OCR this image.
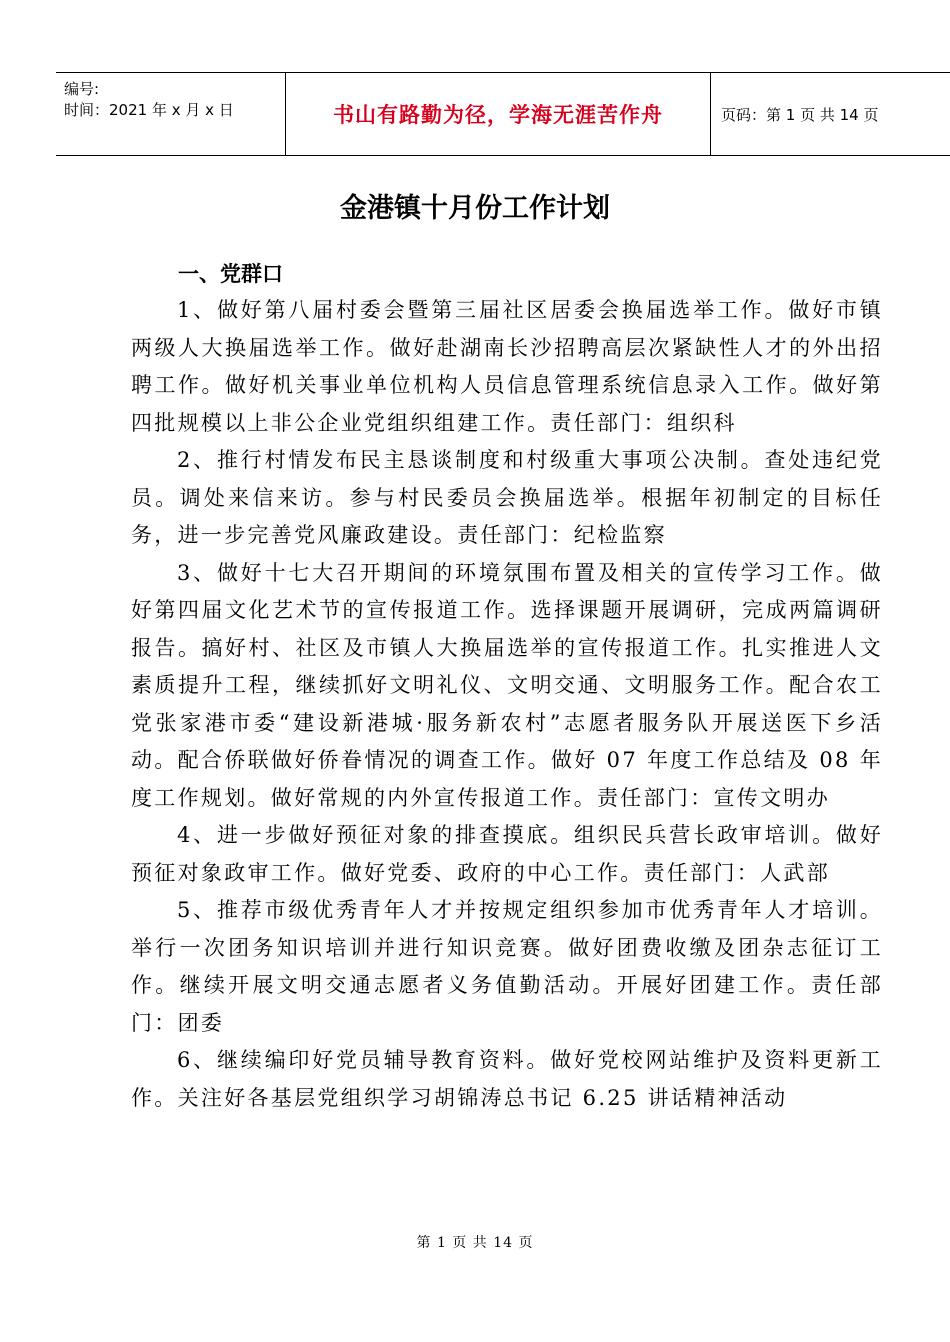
编号:
时间：2021 年 x 月 x 日	书山有路勤为径，学海无涯苦作舟	页码：第 1 页 共 14 页
金港镇十月份工作计划
一、党群口

1、做好第八届村委会暨第三届社区居委会换届选举工作。做好市镇两级人大换届选举工作。做好赴湖南长沙招聘高层次紧缺性人才的外出招聘工作。做好机关事业单位机构人员信息管理系统信息录入工作。做好第四批规模以上非公企业党组织组建工作。责任部门：组织科

2、推行村情发布民主恳谈制度和村级重大事项公决制。查处违纪党员。调处来信来访。参与村民委员会换届选举。根据年初制定的目标任务，进一步完善党风廉政建设。责任部门：纪检监察

3、做好十七大召开期间的环境氛围布置及相关的宣传学习工作。做好第四届文化艺术节的宣传报道工作。选择课题开展调研，完成两篇调研报告。搞好村、社区及市镇人大换届选举的宣传报道工作。扎实推进人文素质提升工程，继续抓好文明礼仪、文明交通、文明服务工作。配合农工党张家港市委“建设新港城·服务新农村”志愿者服务队开展送医下乡活动。配合侨联做好侨眷情况的调查工作。做好 07 年度工作总结及 08 年度工作规划。做好常规的内外宣传报道工作。责任部门：宣传文明办

4、进一步做好预征对象的排查摸底。组织民兵营长政审培训。做好预征对象政审工作。做好党委、政府的中心工作。责任部门：人武部

5、推荐市级优秀青年人才并按规定组织参加市优秀青年人才培训。举行一次团务知识培训并进行知识竞赛。做好团费收缴及团杂志征订工作。继续开展文明交通志愿者义务值勤活动。开展好团建工作。责任部门：团委

6、继续编印好党员辅导教育资料。做好党校网站维护及资料更新工作。关注好各基层党组织学习胡锦涛总书记 6.25 讲话精神活动

第 1 页 共 14 页
